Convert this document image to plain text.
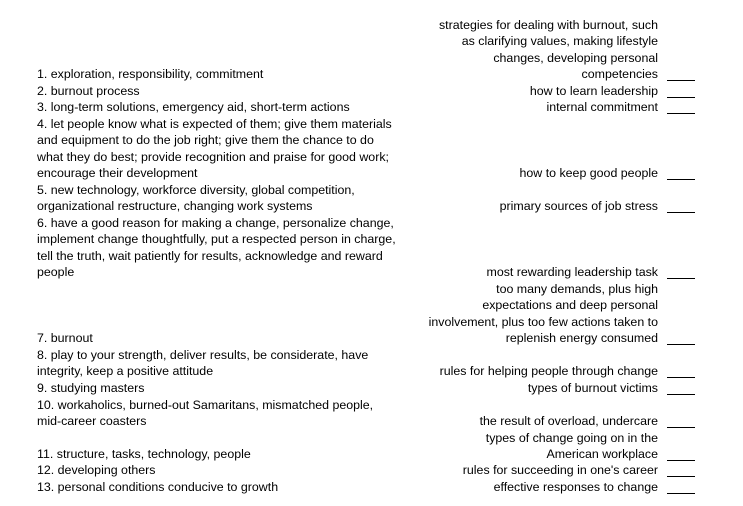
1. exploration, responsibility, commitment
2. burnout process
3. long-term solutions, emergency aid, short-term actions
4. let people know what is expected of them; give them materials
and equipment to do the job right; give them the chance to do
what they do best; provide recognition and praise for good work;
encourage their development
5. new technology, workforce diversity, global competition,
organizational restructure, changing work systems
6. have a good reason for making a change, personalize change,
implement change thoughtfully, put a respected person in charge,
tell the truth, wait patiently for results, acknowledge and reward
people
7. burnout
8. play to your strength, deliver results, be considerate, have
integrity, keep a positive attitude
9. studying masters
10. workaholics, burned-out Samaritans, mismatched people,
mid-career coasters
11. structure, tasks, technology, people
12. developing others
13. personal conditions conducive to growth
strategies for dealing with burnout, such
as clarifying values, making lifestyle
changes, developing personal
competencies
how to learn leadership
internal commitment
how to keep good people
primary sources of job stress
most rewarding leadership task
too many demands, plus high
expectations and deep personal
involvement, plus too few actions taken to
replenish energy consumed
rules for helping people through change
types of burnout victims
the result of overload, undercare
types of change going on in the
American workplace
rules for succeeding in one's career
effective responses to change
